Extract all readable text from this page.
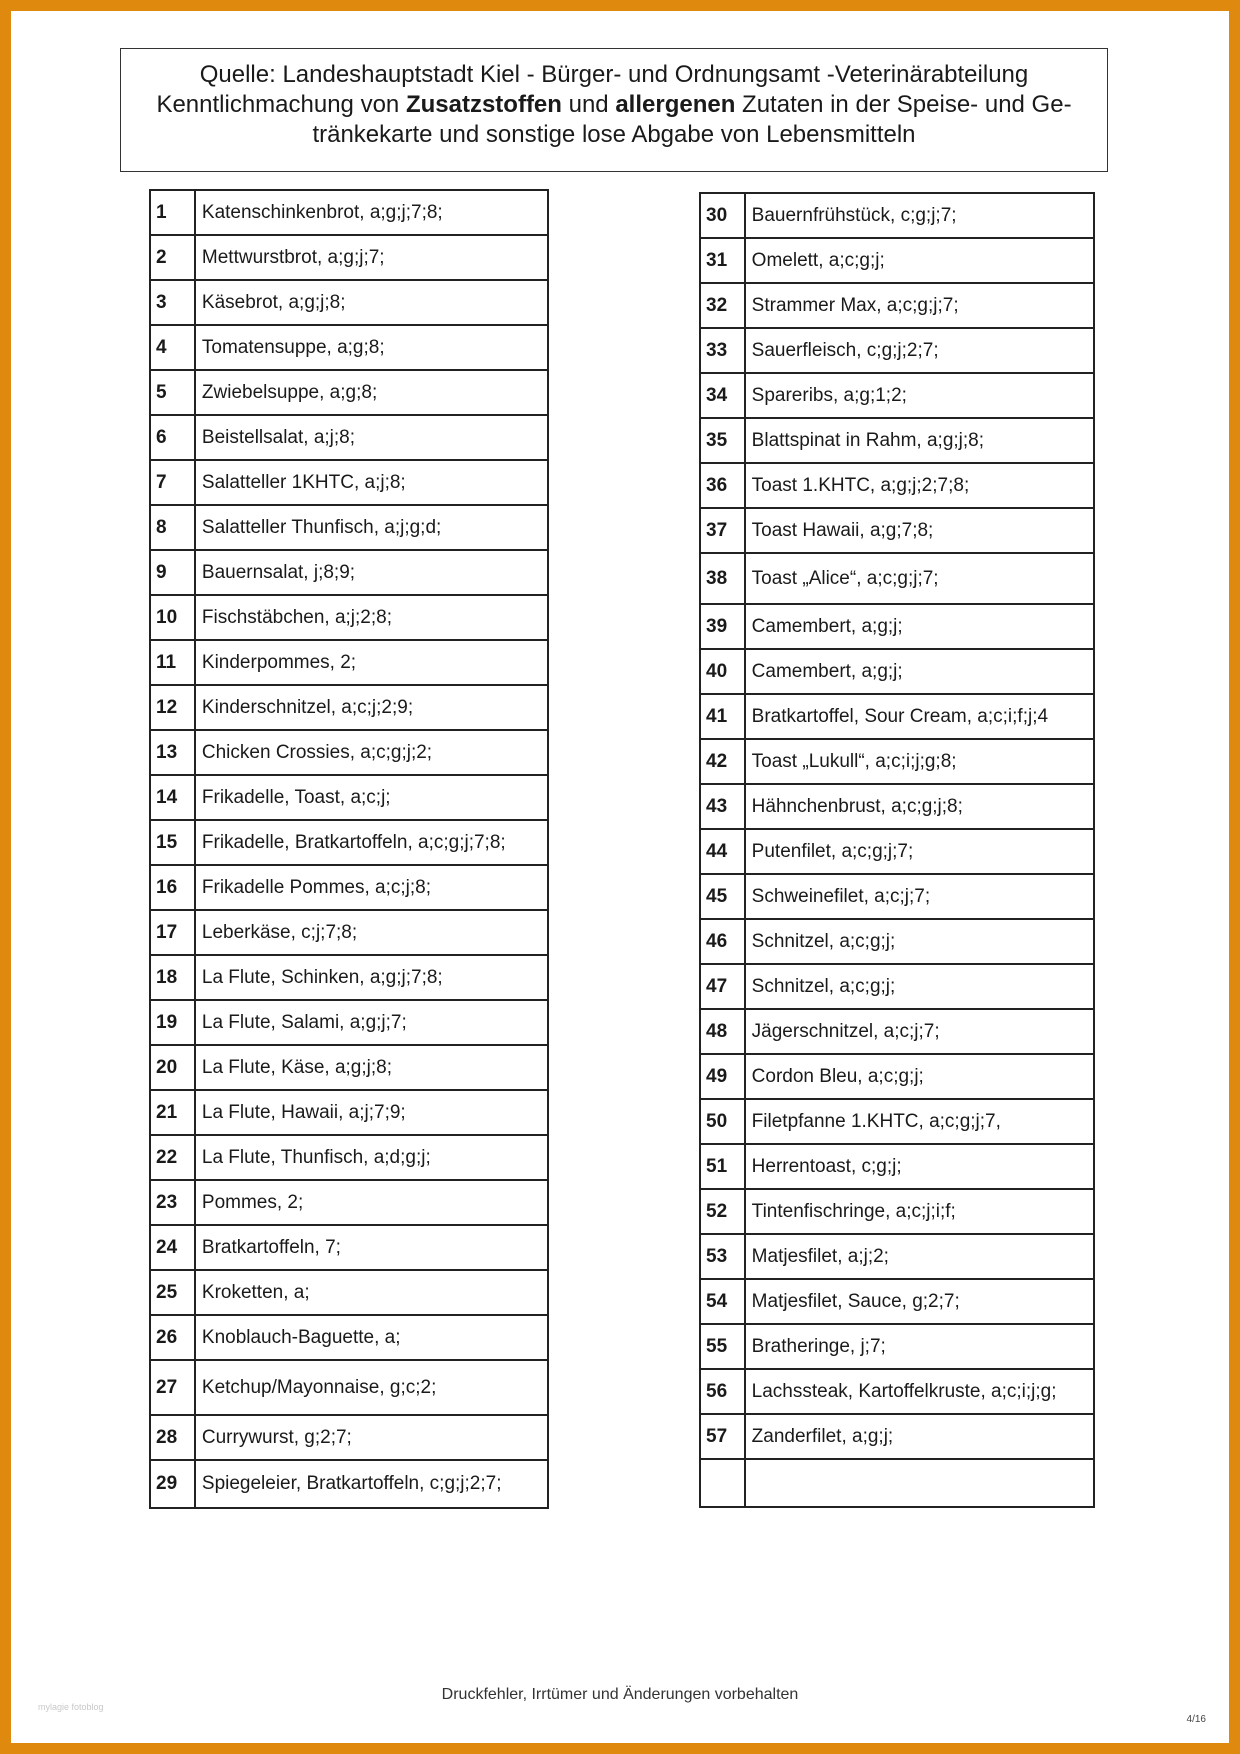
Quelle: Landeshauptstadt Kiel - Bürger- und Ordnungsamt -Veterinärabteilung
Kenntlichmachung von Zusatzstoffen und allergenen Zutaten in der Speise- und Ge-
tränkekarte und sonstige lose Abgabe von Lebensmitteln
1	Katenschinkenbrot, a;g;j;7;8;
2	Mettwurstbrot, a;g;j;7;
3	Käsebrot, a;g;j;8;
4	Tomatensuppe, a;g;8;
5	Zwiebelsuppe, a;g;8;
6	Beistellsalat, a;j;8;
7	Salatteller 1KHTC, a;j;8;
8	Salatteller Thunfisch, a;j;g;d;
9	Bauernsalat, j;8;9;
10	Fischstäbchen, a;j;2;8;
11	Kinderpommes, 2;
12	Kinderschnitzel, a;c;j;2;9;
13	Chicken Crossies, a;c;g;j;2;
14	Frikadelle, Toast, a;c;j;
15	Frikadelle, Bratkartoffeln, a;c;g;j;7;8;
16	Frikadelle Pommes, a;c;j;8;
17	Leberkäse, c;j;7;8;
18	La Flute, Schinken, a;g;j;7;8;
19	La Flute, Salami, a;g;j;7;
20	La Flute, Käse, a;g;j;8;
21	La Flute, Hawaii, a;j;7;9;
22	La Flute, Thunfisch, a;d;g;j;
23	Pommes, 2;
24	Bratkartoffeln, 7;
25	Kroketten, a;
26	Knoblauch-Baguette, a;
27	Ketchup/Mayonnaise, g;c;2;
28	Currywurst, g;2;7;
29	Spiegeleier, Bratkartoffeln, c;g;j;2;7;
30	Bauernfrühstück, c;g;j;7;
31	Omelett, a;c;g;j;
32	Strammer Max, a;c;g;j;7;
33	Sauerfleisch, c;g;j;2;7;
34	Spareribs, a;g;1;2;
35	Blattspinat in Rahm, a;g;j;8;
36	Toast 1.KHTC, a;g;j;2;7;8;
37	Toast Hawaii, a;g;7;8;
38	Toast „Alice“, a;c;g;j;7;
39	Camembert, a;g;j;
40	Camembert, a;g;j;
41	Bratkartoffel, Sour Cream, a;c;i;f;j;4
42	Toast „Lukull“, a;c;i;j;g;8;
43	Hähnchenbrust, a;c;g;j;8;
44	Putenfilet, a;c;g;j;7;
45	Schweinefilet, a;c;j;7;
46	Schnitzel, a;c;g;j;
47	Schnitzel, a;c;g;j;
48	Jägerschnitzel, a;c;j;7;
49	Cordon Bleu, a;c;g;j;
50	Filetpfanne 1.KHTC, a;c;g;j;7,
51	Herrentoast, c;g;j;
52	Tintenfischringe, a;c;j;i;f;
53	Matjesfilet, a;j;2;
54	Matjesfilet, Sauce, g;2;7;
55	Bratheringe, j;7;
56	Lachssteak, Kartoffelkruste, a;c;i;j;g;
57	Zanderfilet, a;g;j;

Druckfehler, Irrtümer und Änderungen vorbehalten
mylagie fotoblog
4/16
